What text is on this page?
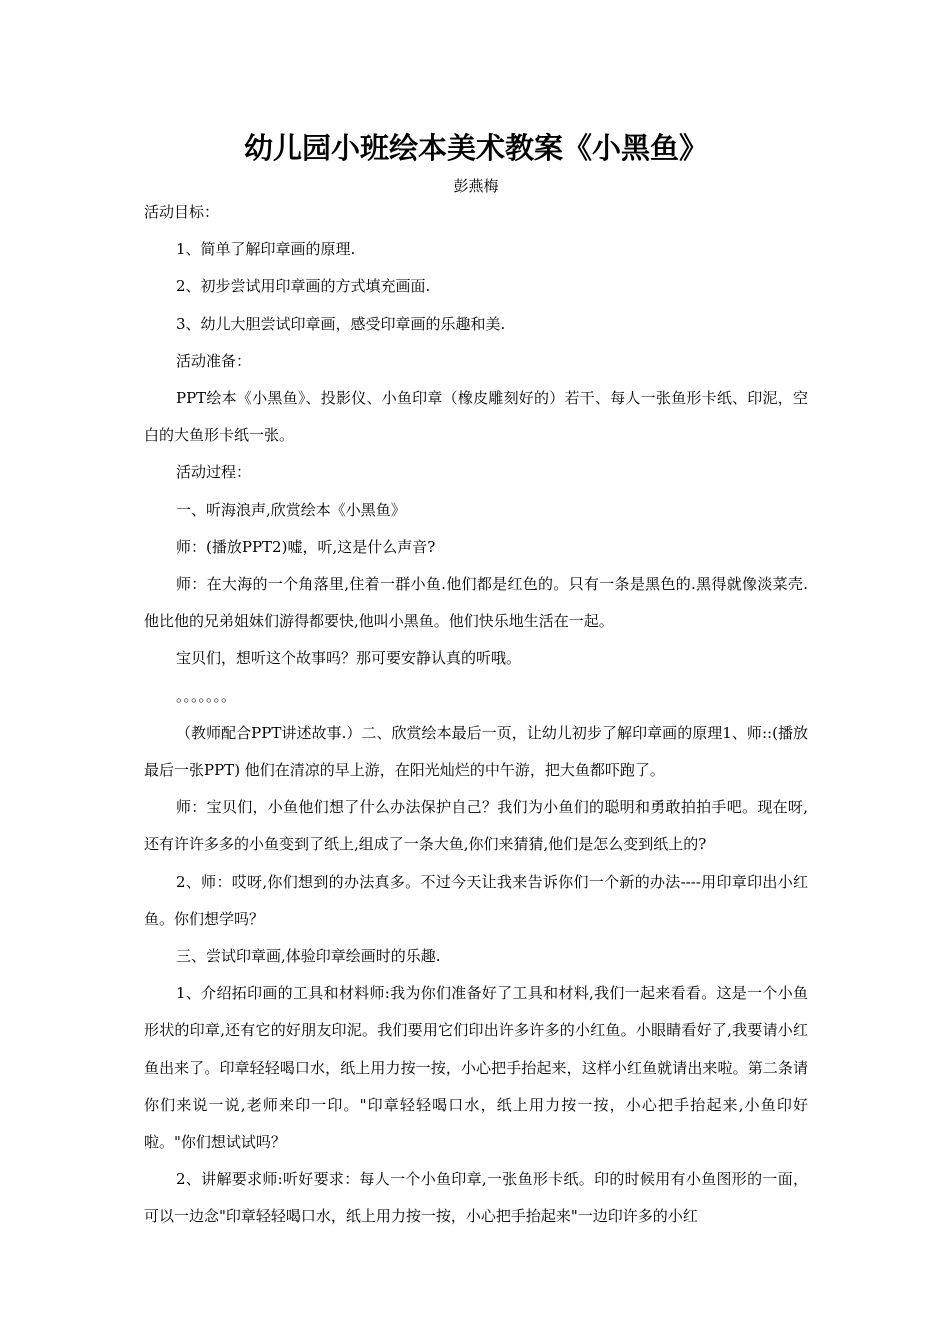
幼儿园小班绘本美术教案《小黑鱼》
彭燕梅

活动目标：

1、简单了解印章画的原理.

2、初步尝试用印章画的方式填充画面.

3、幼儿大胆尝试印章画，感受印章画的乐趣和美.

活动准备：

PPT绘本《小黑鱼》、投影仪、小鱼印章（橡皮雕刻好的）若干、每人一张鱼形卡纸、印泥，空白的大鱼形卡纸一张。

活动过程：

一、听海浪声,欣赏绘本《小黑鱼》

师：(播放PPT2)嘘，听,这是什么声音?

师：在大海的一个角落里,住着一群小鱼.他们都是红色的。只有一条是黑色的.黑得就像淡菜壳.他比他的兄弟姐妹们游得都要快,他叫小黑鱼。他们快乐地生活在一起。

宝贝们，想听这个故事吗？那可要安静认真的听哦。

。。。。。。。

（教师配合PPT讲述故事.）二、欣赏绘本最后一页，让幼儿初步了解印章画的原理1、师::(播放最后一张PPT) 他们在清凉的早上游，在阳光灿烂的中午游，把大鱼都吓跑了。

师：宝贝们，小鱼他们想了什么办法保护自己？我们为小鱼们的聪明和勇敢拍拍手吧。现在呀,还有许许多多的小鱼变到了纸上,组成了一条大鱼,你们来猜猜,他们是怎么变到纸上的?

2、师：哎呀,你们想到的办法真多。不过今天让我来告诉你们一个新的办法----用印章印出小红鱼。你们想学吗？

三、尝试印章画,体验印章绘画时的乐趣.

1、介绍拓印画的工具和材料师:我为你们准备好了工具和材料,我们一起来看看。这是一个小鱼形状的印章,还有它的好朋友印泥。我们要用它们印出许多许多的小红鱼。小眼睛看好了,我要请小红鱼出来了。印章轻轻喝口水，纸上用力按一按，小心把手抬起来，这样小红鱼就请出来啦。第二条请你们来说一说,老师来印一印。"印章轻轻喝口水，纸上用力按一按，小心把手抬起来,小鱼印好啦。"你们想试试吗？

2、讲解要求师:听好要求：每人一个小鱼印章,一张鱼形卡纸。印的时候用有小鱼图形的一面，可以一边念"印章轻轻喝口水，纸上用力按一按，小心把手抬起来"一边印许多的小红
